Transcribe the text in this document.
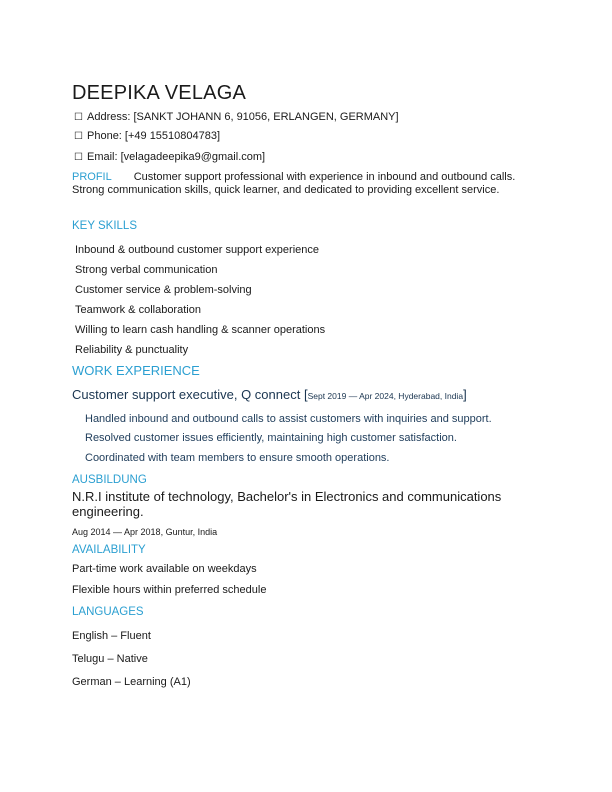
DEEPIKA VELAGA
☐ Address: [SANKT JOHANN 6, 91056, ERLANGEN, GERMANY]
☐ Phone: [+49 15510804783]
☐ Email: [velagadeepika9@gmail.com]
PROFIL Customer support professional with experience in inbound and outbound calls. Strong communication skills, quick learner, and dedicated to providing excellent service.
KEY SKILLS
Inbound & outbound customer support experience
Strong verbal communication
Customer service & problem-solving
Teamwork & collaboration
Willing to learn cash handling & scanner operations
Reliability & punctuality
WORK EXPERIENCE
Customer support executive, Q connect [Sept 2019 — Apr 2024, Hyderabad, India]
Handled inbound and outbound calls to assist customers with inquiries and support.
Resolved customer issues efficiently, maintaining high customer satisfaction.
Coordinated with team members to ensure smooth operations.
AUSBILDUNG
N.R.I institute of technology, Bachelor's in Electronics and communications engineering.
Aug 2014 — Apr 2018, Guntur, India
AVAILABILITY
Part-time work available on weekdays
Flexible hours within preferred schedule
LANGUAGES
English – Fluent
Telugu – Native
German – Learning (A1)
